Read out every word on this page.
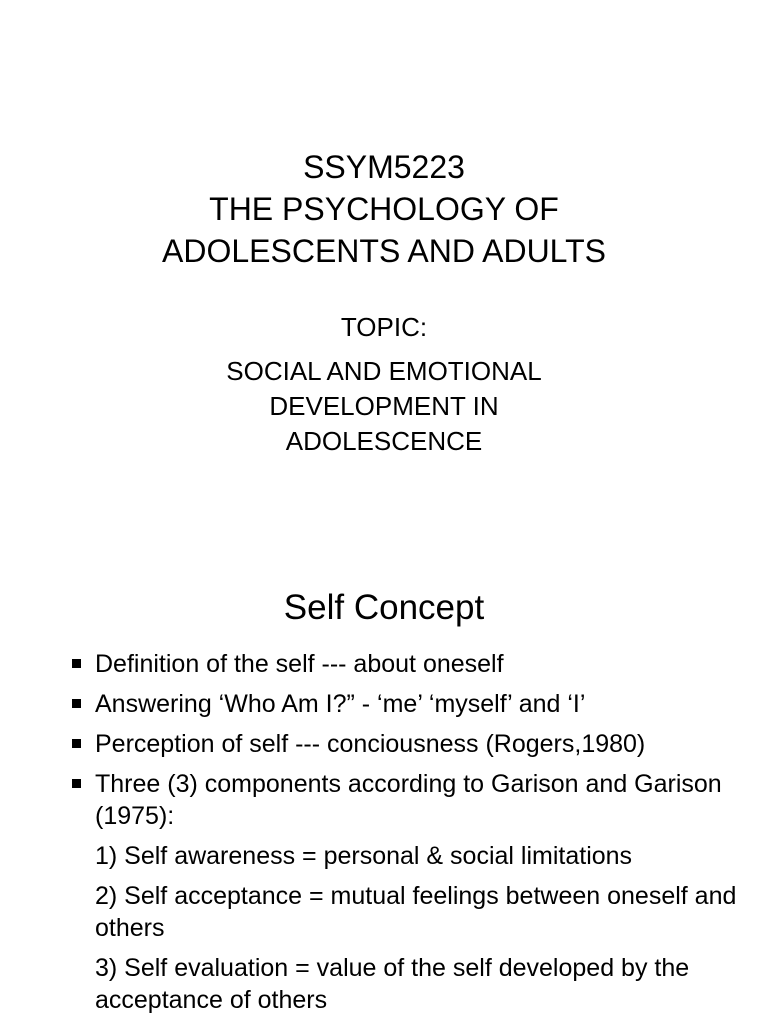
SSYM5223
THE PSYCHOLOGY OF
ADOLESCENTS AND ADULTS
TOPIC:
SOCIAL AND EMOTIONAL
DEVELOPMENT IN
ADOLESCENCE
Self Concept
Definition of the self --- about oneself
Answering ‘Who Am I?” - ‘me’ ‘myself’ and ‘I’
Perception of self --- conciousness (Rogers,1980)
Three (3) components according to Garison and Garison (1975):
1) Self awareness = personal & social limitations
2) Self acceptance = mutual feelings between oneself and others
3) Self evaluation = value of the self developed by the acceptance of others
